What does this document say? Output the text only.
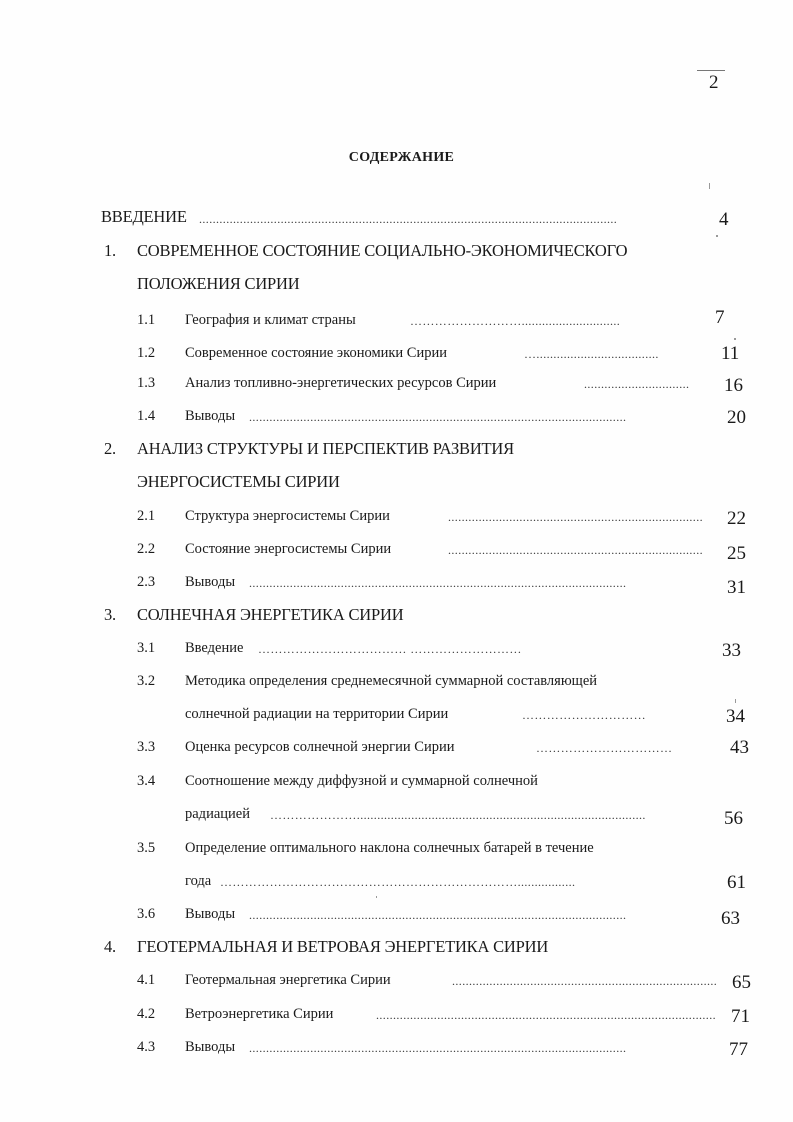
2
СОДЕРЖАНИЕ
ВВЕДЕНИЕ ...........................................................................................................................	4
1. СОВРЕМЕННОЕ СОСТОЯНИЕ СОЦИАЛЬНО-ЭКОНОМИЧЕСКОГО
ПОЛОЖЕНИЯ СИРИИ
1.1 География и климат страны	……………………….............................	7
1.2 Современное состояние экономики Сирии	…....................................	11
1.3 Анализ топливно-энергетических ресурсов Сирии	...............................	16
1.4 Выводы ...............................................................................................................	20
2. АНАЛИЗ СТРУКТУРЫ И ПЕРСПЕКТИВ РАЗВИТИЯ
ЭНЕРГОСИСТЕМЫ СИРИИ
2.1 Структура энергосистемы Сирии	...........................................................................	22
2.2 Состояние энергосистемы Сирии	...........................................................................	25
2.3 Выводы ...............................................................................................................	31
3. СОЛНЕЧНАЯ ЭНЕРГЕТИКА СИРИИ
3.1 Введение ……………………………… ………………………	33
3.2 Методика определения среднемесячной суммарной составляющей
солнечной радиации на территории Сирии	…………………………	34
3.3 Оценка ресурсов солнечной энергии Сирии	……………………………	43
3.4 Соотношение между диффузной и суммарной солнечной
радиацией ………………….....................................................................................	56
3.5 Определение оптимального наклона солнечных батарей в течение
года ……………………………………………………………….................	61
3.6 Выводы ...............................................................................................................	63
4. ГЕОТЕРМАЛЬНАЯ И ВЕТРОВАЯ ЭНЕРГЕТИКА СИРИИ
4.1 Геотермальная энергетика Сирии	.............................................................................. 65
4.2 Ветроэнергетика Сирии	.................................................................................................... 71
4.3 Выводы ...............................................................................................................	77
